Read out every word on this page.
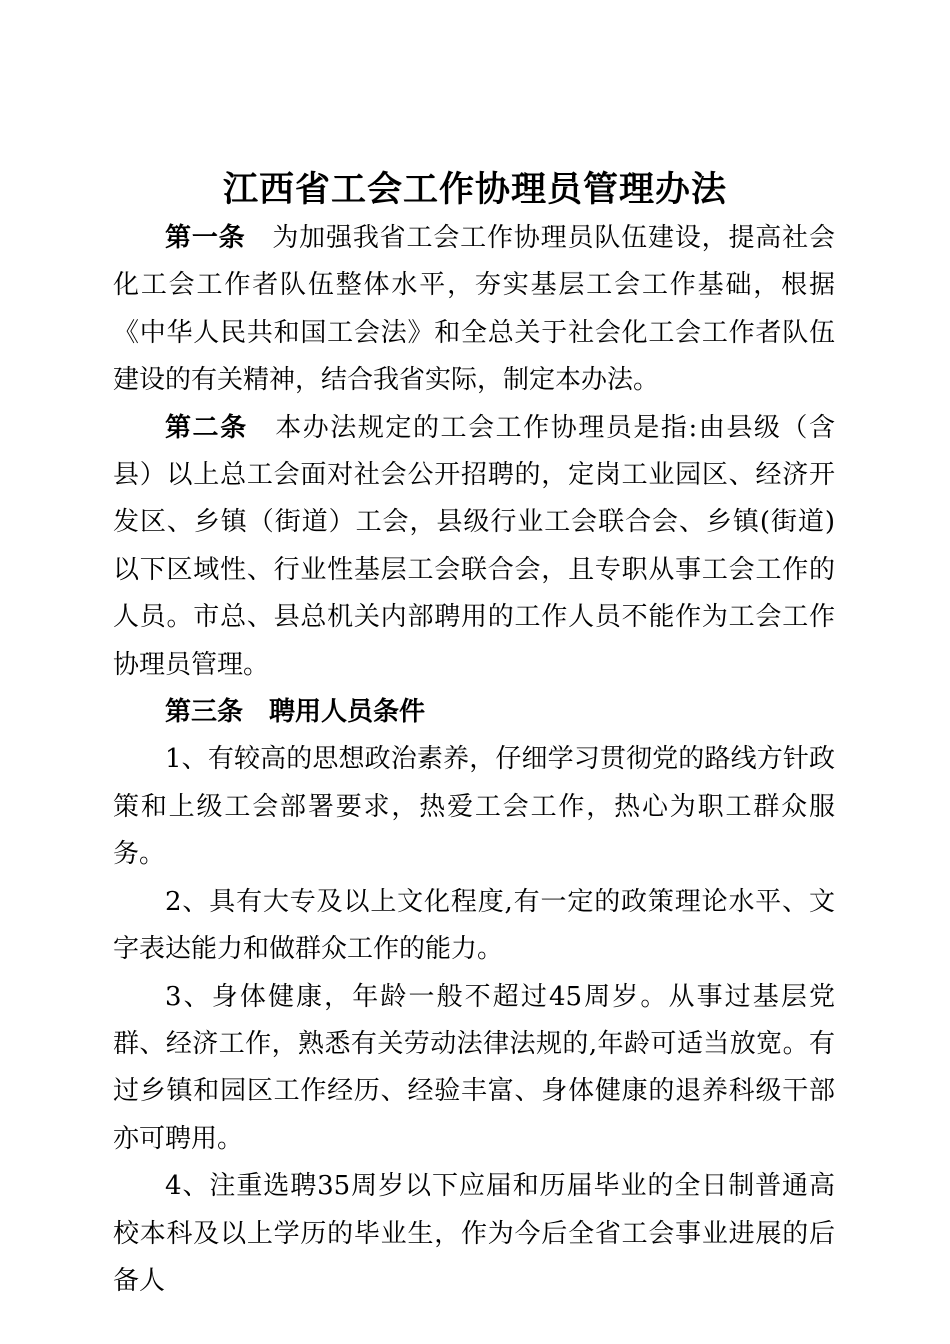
江西省工会工作协理员管理办法

第一条 为加强我省工会工作协理员队伍建设，提高社会化工会工作者队伍整体水平，夯实基层工会工作基础，根据《中华人民共和国工会法》和全总关于社会化工会工作者队伍建设的有关精神，结合我省实际，制定本办法。

第二条 本办法规定的工会工作协理员是指:由县级（含县）以上总工会面对社会公开招聘的，定岗工业园区、经济开发区、乡镇（街道）工会，县级行业工会联合会、乡镇(街道)以下区域性、行业性基层工会联合会，且专职从事工会工作的人员。市总、县总机关内部聘用的工作人员不能作为工会工作协理员管理。

第三条 聘用人员条件

1、有较高的思想政治素养，仔细学习贯彻党的路线方针政策和上级工会部署要求，热爱工会工作，热心为职工群众服务。

2、具有大专及以上文化程度,有一定的政策理论水平、文字表达能力和做群众工作的能力。

3、身体健康，年龄一般不超过45周岁。从事过基层党群、经济工作，熟悉有关劳动法律法规的,年龄可适当放宽。有过乡镇和园区工作经历、经验丰富、身体健康的退养科级干部亦可聘用。

4、注重选聘35周岁以下应届和历届毕业的全日制普通高校本科及以上学历的毕业生，作为今后全省工会事业进展的后备人
